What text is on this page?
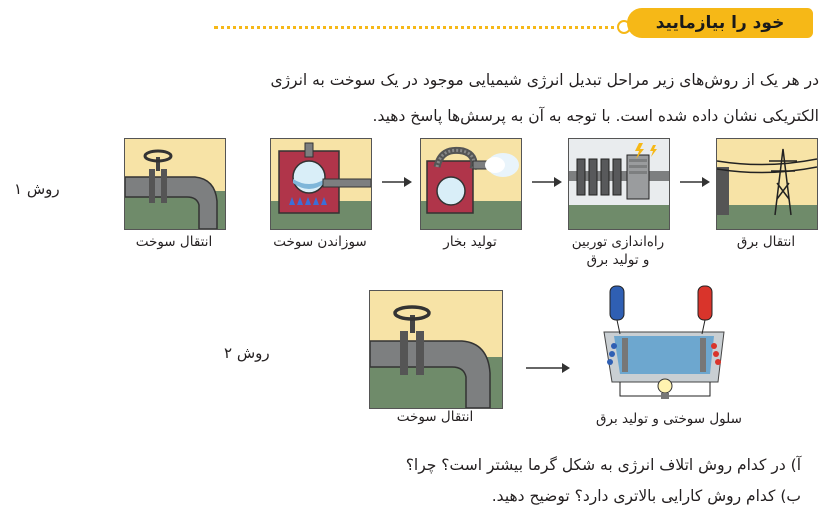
خود را بیازمایید
در هر یک از روش‌های زیر مراحل تبدیل انرژی شیمیایی موجود در یک سوخت به انرژی
الکتریکی نشان داده شده است. با توجه به آن به پرسش‌ها پاسخ دهید.
روش ۱
انتقال سوخت	سوزاندن سوخت	تولید بخار	راه‌اندازی توربین
و تولید برق
انتقال برق
روش ۲
انتقال سوخت	سلول سوختی و تولید برق
آ) در کدام روش اتلاف انرژی به شکل گرما بیشتر است؟ چرا؟
ب) کدام روش کارایی بالاتری دارد؟ توضیح دهید.
